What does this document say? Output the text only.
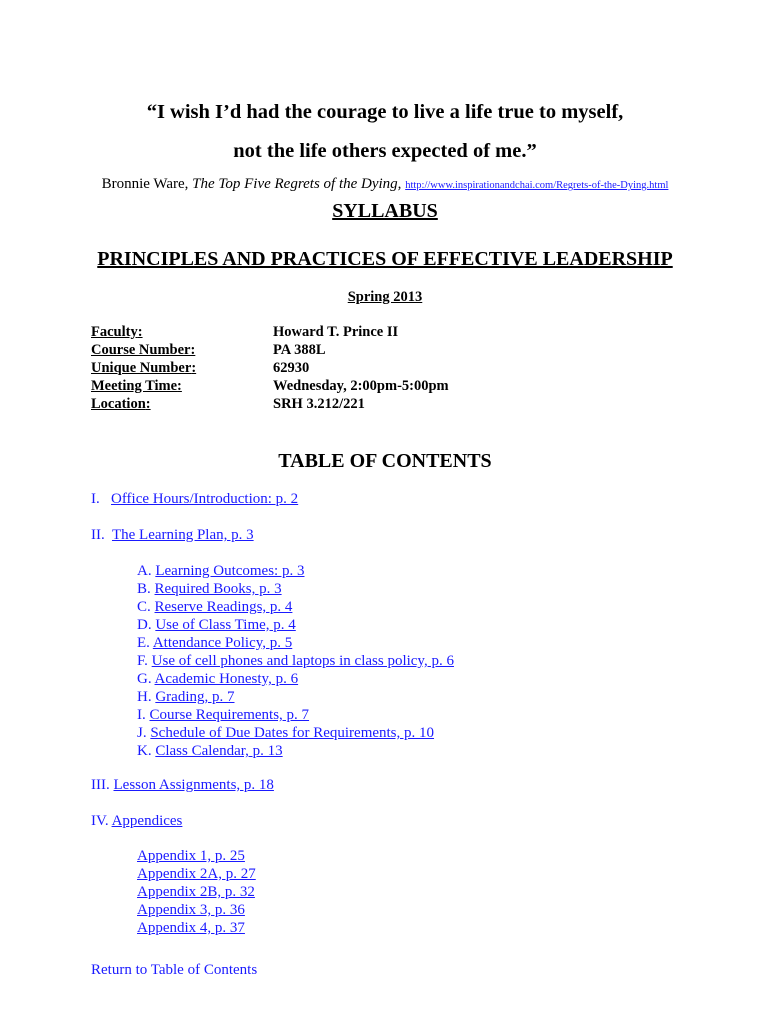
“I wish I’d had the courage to live a life true to myself,
not the life others expected of me.”
Bronnie Ware, The Top Five Regrets of the Dying, http://www.inspirationandchai.com/Regrets-of-the-Dying.html
SYLLABUS
PRINCIPLES AND PRACTICES OF EFFECTIVE LEADERSHIP
Spring 2013
Faculty:
Course Number:
Unique Number:
Meeting Time:
Location:
Howard T. Prince II
PA 388L
62930
Wednesday, 2:00pm-5:00pm
SRH 3.212/221
TABLE OF CONTENTS
I.   Office Hours/Introduction: p. 2
II.  The Learning Plan, p. 3
A. Learning Outcomes: p. 3
B. Required Books, p. 3
C. Reserve Readings, p. 4
D. Use of Class Time, p. 4
E. Attendance Policy, p. 5
F. Use of cell phones and laptops in class policy, p. 6
G. Academic Honesty, p. 6
H. Grading, p. 7
I. Course Requirements, p. 7
J. Schedule of Due Dates for Requirements, p. 10
K. Class Calendar, p. 13
III. Lesson Assignments, p. 18
IV. Appendices
Appendix 1, p. 25
Appendix 2A, p. 27
Appendix 2B, p. 32
Appendix 3, p. 36
Appendix 4, p. 37
Return to Table of Contents
